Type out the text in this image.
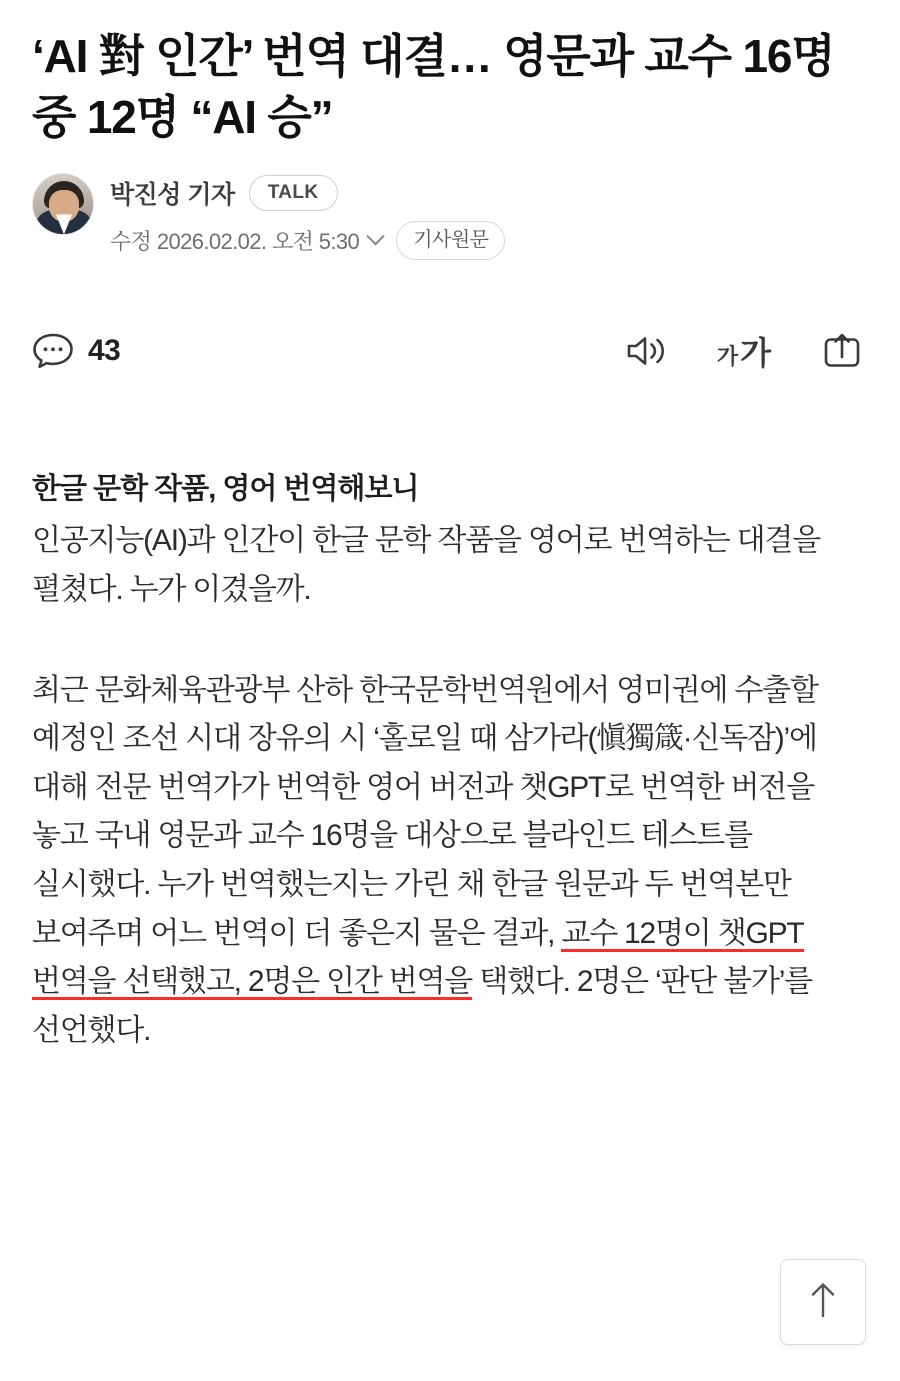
‘AI 對 인간’ 번역 대결… 영문과 교수 16명 중 12명 “AI 승”
박진성 기자	TALK
수정 2026.02.02. 오전 5:30	기사원문
43	가가
한글 문학 작품, 영어 번역해보니

인공지능(AI)과 인간이 한글 문학 작품을 영어로 번역하는 대결을 펼쳤다. 누가 이겼을까.

최근 문화체육관광부 산하 한국문학번역원에서 영미권에 수출할 예정인 조선 시대 장유의 시 ‘홀로일 때 삼가라(愼獨箴·신독잠)’에 대해 전문 번역가가 번역한 영어 버전과 챗GPT로 번역한 버전을 놓고 국내 영문과 교수 16명을 대상으로 블라인드 테스트를 실시했다. 누가 번역했는지는 가린 채 한글 원문과 두 번역본만 보여주며 어느 번역이 더 좋은지 물은 결과, 교수 12명이 챗GPT 번역을 선택했고, 2명은 인간 번역을 택했다. 2명은 ‘판단 불가’를 선언했다.
